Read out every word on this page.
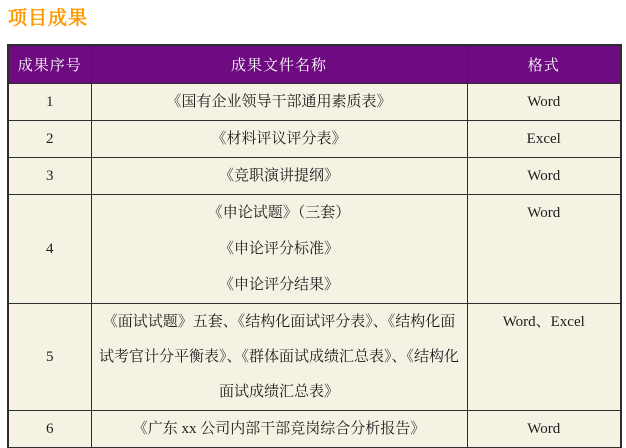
项目成果
成果序号	成果文件名称	格式
1	《国有企业领导干部通用素质表》	Word
2	《材料评议评分表》	Excel
3	《竞职演讲提纲》	Word
4	《申论试题》（三套）
《申论评分标准》
《申论评分结果》	Word

5	《面试试题》五套、《结构化面试评分表》、《结构化面试考官计分平衡表》、《群体面试成绩汇总表》、《结构化面试成绩汇总表》	Word、Excel

6	《广东 xx 公司内部干部竞岗综合分析报告》	Word
